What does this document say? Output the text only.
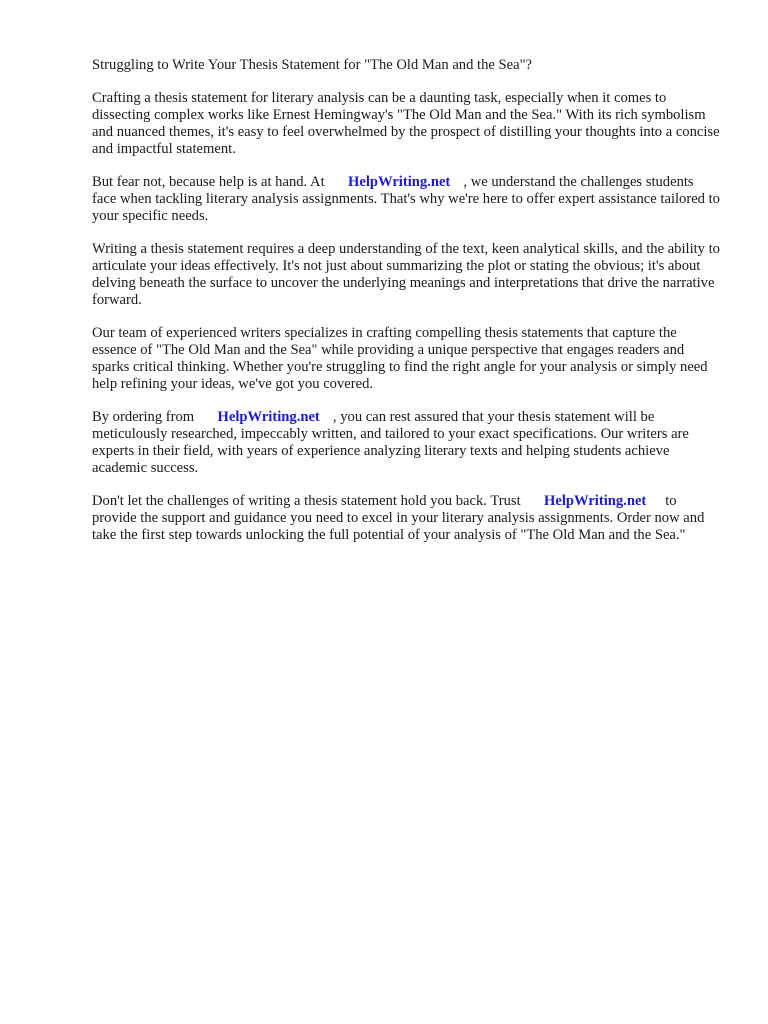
Struggling to Write Your Thesis Statement for "The Old Man and the Sea"?

Crafting a thesis statement for literary analysis can be a daunting task, especially when it comes to dissecting complex works like Ernest Hemingway's "The Old Man and the Sea." With its rich symbolism and nuanced themes, it's easy to feel overwhelmed by the prospect of distilling your thoughts into a concise and impactful statement.

But fear not, because help is at hand. At HelpWriting.net , we understand the challenges students face when tackling literary analysis assignments. That's why we're here to offer expert assistance tailored to your specific needs.

Writing a thesis statement requires a deep understanding of the text, keen analytical skills, and the ability to articulate your ideas effectively. It's not just about summarizing the plot or stating the obvious; it's about delving beneath the surface to uncover the underlying meanings and interpretations that drive the narrative forward.

Our team of experienced writers specializes in crafting compelling thesis statements that capture the essence of "The Old Man and the Sea" while providing a unique perspective that engages readers and sparks critical thinking. Whether you're struggling to find the right angle for your analysis or simply need help refining your ideas, we've got you covered.

By ordering from HelpWriting.net , you can rest assured that your thesis statement will be meticulously researched, impeccably written, and tailored to your exact specifications. Our writers are experts in their field, with years of experience analyzing literary texts and helping students achieve academic success.

Don't let the challenges of writing a thesis statement hold you back. Trust HelpWriting.net to provide the support and guidance you need to excel in your literary analysis assignments. Order now and take the first step towards unlocking the full potential of your analysis of "The Old Man and the Sea."
